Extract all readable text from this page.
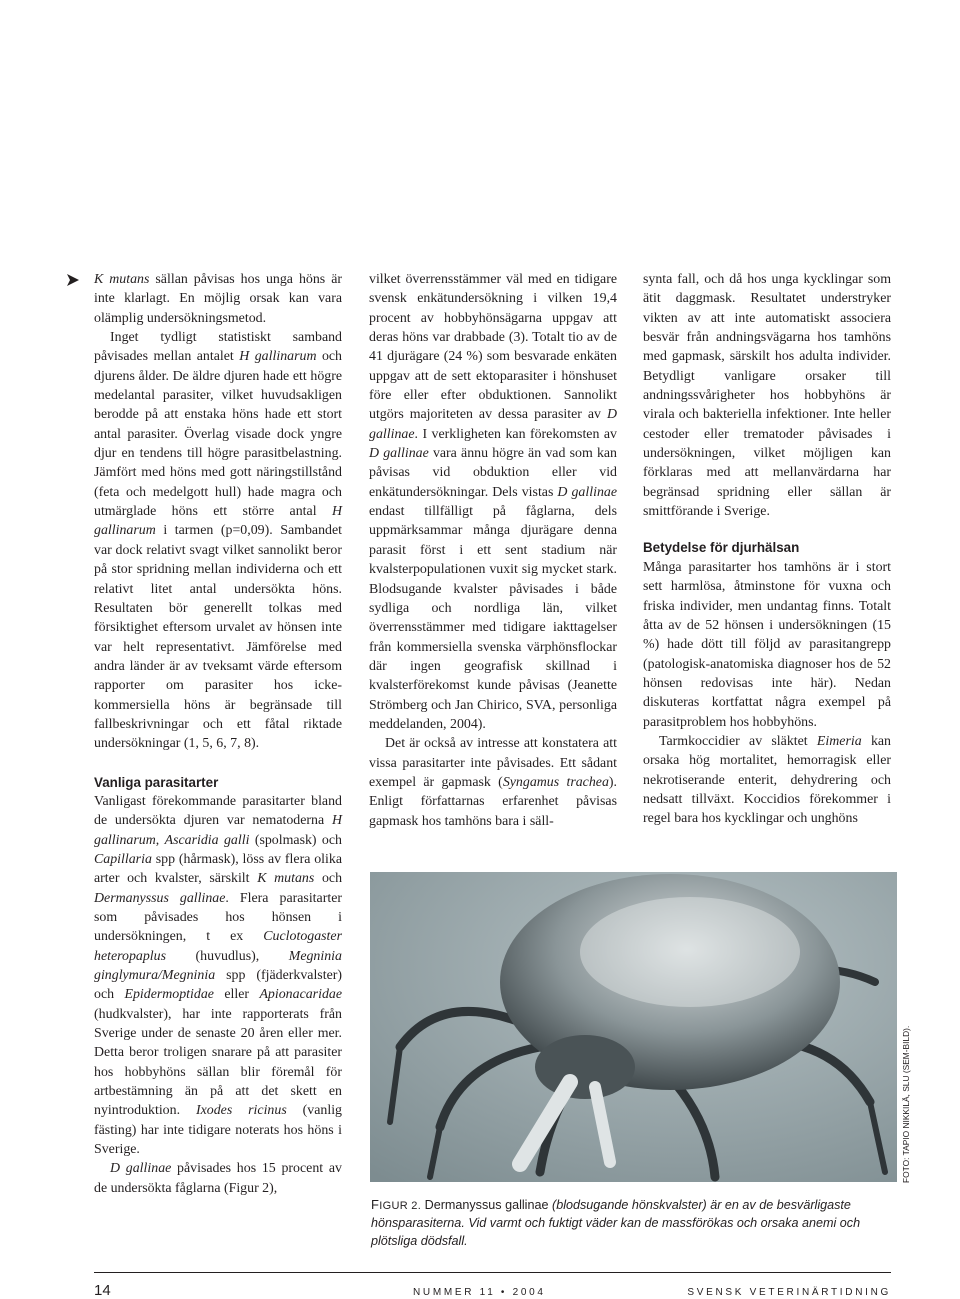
K mutans sällan påvisas hos unga höns är inte klarlagt. En möjlig orsak kan vara olämplig undersökningsmetod.

Inget tydligt statistiskt samband påvisades mellan antalet H gallinarum och djurens ålder. De äldre djuren hade ett högre medelantal parasiter, vilket huvudsakligen berodde på att enstaka höns hade ett stort antal parasiter. Överlag visade dock yngre djur en tendens till högre parasitbelastning. Jämfört med höns med gott näringstillstånd (feta och medelgott hull) hade magra och utmärglade höns ett större antal H gallinarum i tarmen (p=0,09). Sambandet var dock relativt svagt vilket sannolikt beror på stor spridning mellan individerna och ett relativt litet antal undersökta höns. Resultaten bör generellt tolkas med försiktighet eftersom urvalet av hönsen inte var helt representativt. Jämförelse med andra länder är av tveksamt värde eftersom rapporter om parasiter hos icke-kommersiella höns är begränsade till fallbeskrivningar och ett fåtal riktade undersökningar (1, 5, 6, 7, 8).

Vanliga parasitarter

Vanligast förekommande parasitarter bland de undersökta djuren var nematoderna H gallinarum, Ascaridia galli (spolmask) och Capillaria spp (hårmask), löss av flera olika arter och kvalster, särskilt K mutans och Dermanyssus gallinae. Flera parasitarter som påvisades hos hönsen i undersökningen, t ex Cuclotogaster heteropaplus (huvudlus), Megninia ginglymura/Megninia spp (fjäderkvalster) och Epidermoptidae eller Apionacaridae (hudkvalster), har inte rapporterats från Sverige under de senaste 20 åren eller mer. Detta beror troligen snarare på att parasiter hos hobbyhöns sällan blir föremål för artbestämning än på att det skett en nyintroduktion. Ixodes ricinus (vanlig fästing) har inte tidigare noterats hos höns i Sverige.

D gallinae påvisades hos 15 procent av de undersökta fåglarna (Figur 2),

vilket överrensstämmer väl med en tidigare svensk enkätundersökning i vilken 19,4 procent av hobbyhönsägarna uppgav att deras höns var drabbade (3). Totalt tio av de 41 djurägare (24 %) som besvarade enkäten uppgav att de sett ektoparasiter i hönshuset före eller efter obduktionen. Sannolikt utgörs majoriteten av dessa parasiter av D gallinae. I verkligheten kan förekomsten av D gallinae vara ännu högre än vad som kan påvisas vid obduktion eller vid enkätundersökningar. Dels vistas D gallinae endast tillfälligt på fåglarna, dels uppmärksammar många djurägare denna parasit först i ett sent stadium när kvalsterpopulationen vuxit sig mycket stark. Blodsugande kvalster påvisades i både sydliga och nordliga län, vilket överrensstämmer med tidigare iakttagelser från kommersiella svenska värphönsflockar där ingen geografisk skillnad i kvalsterförekomst kunde påvisas (Jeanette Strömberg och Jan Chirico, SVA, personliga meddelanden, 2004).

Det är också av intresse att konstatera att vissa parasitarter inte påvisades. Ett sådant exempel är gapmask (Syngamus trachea). Enligt författarnas erfarenhet påvisas gapmask hos tamhöns bara i säll-

synta fall, och då hos unga kycklingar som ätit daggmask. Resultatet understryker vikten av att inte automatiskt associera besvär från andningsvägarna hos tamhöns med gapmask, särskilt hos adulta individer. Betydligt vanligare orsaker till andningssvårigheter hos hobbyhöns är virala och bakteriella infektioner. Inte heller cestoder eller trematoder påvisades i undersökningen, vilket möjligen kan förklaras med att mellanvärdarna har begränsad spridning eller sällan är smittförande i Sverige.

Betydelse för djurhälsan

Många parasitarter hos tamhöns är i stort sett harmlösa, åtminstone för vuxna och friska individer, men undantag finns. Totalt åtta av de 52 hönsen i undersökningen (15 %) hade dött till följd av parasitangrepp (patologisk-anatomiska diagnoser hos de 52 hönsen redovisas inte här). Nedan diskuteras kortfattat några exempel på parasitproblem hos hobbyhöns.

Tarmkoccidier av släktet Eimeria kan orsaka hög mortalitet, hemorragisk eller nekrotiserande enterit, dehydrering och nedsatt tillväxt. Koccidios förekommer i regel bara hos kycklingar och unghöns

FIGUR 2. Dermanyssus gallinae (blodsugande hönskvalster) är en av de besvärligaste hönsparasiterna. Vid varmt och fuktigt väder kan de massförökas och orsaka anemi och plötsliga dödsfall.
FOTO: TAPIO NIKKILÄ, SLU (SEM-BILD).
14	NUMMER 11 • 2004	SVENSK VETERINÄRTIDNING
